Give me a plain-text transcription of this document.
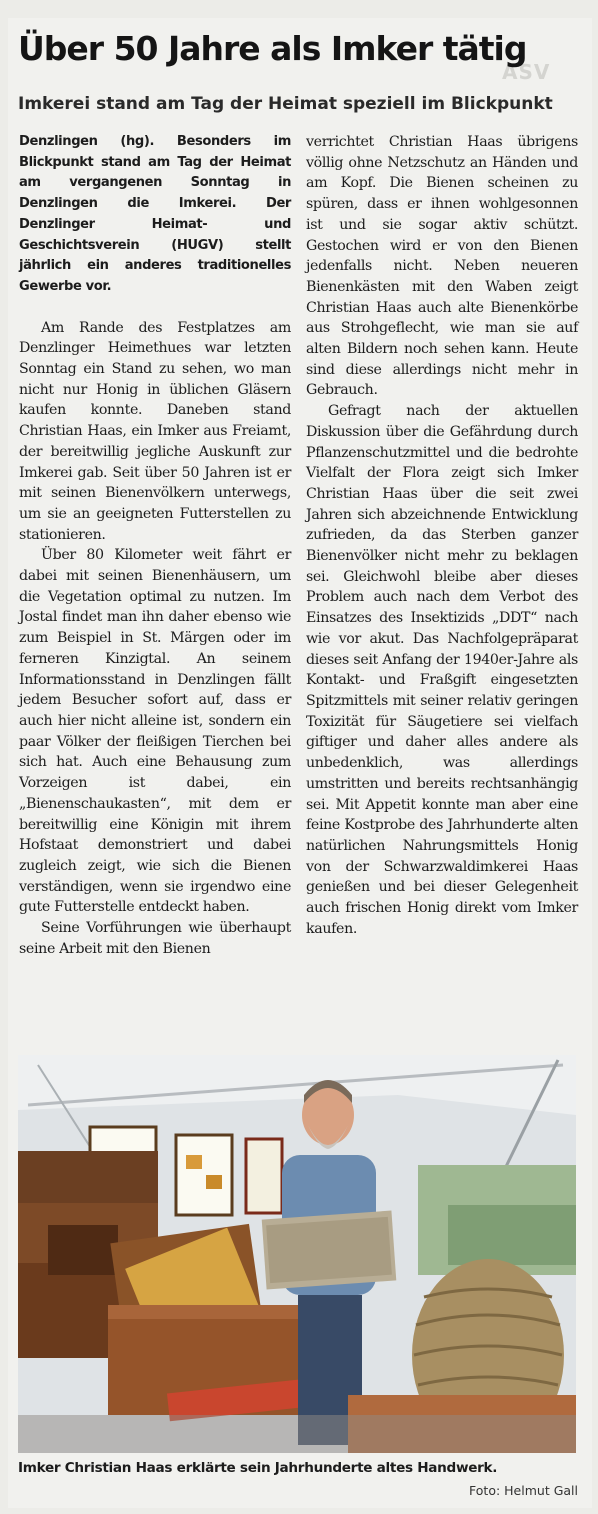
ASV
Über 50 Jahre als Imker tätig
Imkerei stand am Tag der Heimat speziell im Blickpunkt

Denzlingen (hg). Besonders im Blickpunkt stand am Tag der Heimat am vergangenen Sonntag in Denzlingen die Imkerei. Der Denzlinger Heimat- und Geschichtsverein (HUGV) stellt jährlich ein anderes traditionelles Gewerbe vor.

Am Rande des Festplatzes am Denzlinger Heimethues war letzten Sonntag ein Stand zu sehen, wo man nicht nur Honig in üblichen Gläsern kaufen konnte. Daneben stand Christian Haas, ein Imker aus Freiamt, der bereitwillig jegliche Auskunft zur Imkerei gab. Seit über 50 Jahren ist er mit seinen Bienenvölkern unterwegs, um sie an geeigneten Futterstellen zu stationieren.

Über 80 Kilometer weit fährt er dabei mit seinen Bienenhäusern, um die Vegetation optimal zu nutzen. Im Jostal findet man ihn daher ebenso wie zum Beispiel in St. Märgen oder im ferneren Kinzigtal. An seinem Informationsstand in Denzlingen fällt jedem Besucher sofort auf, dass er auch hier nicht alleine ist, sondern ein paar Völker der fleißigen Tierchen bei sich hat. Auch eine Behausung zum Vorzeigen ist dabei, ein „Bienenschaukasten“, mit dem er bereitwillig eine Königin mit ihrem Hofstaat demonstriert und dabei zugleich zeigt, wie sich die Bienen verständigen, wenn sie irgendwo eine gute Futterstelle entdeckt haben.

Seine Vorführungen wie überhaupt seine Arbeit mit den Bienen

verrichtet Christian Haas übrigens völlig ohne Netzschutz an Händen und am Kopf. Die Bienen scheinen zu spüren, dass er ihnen wohlgesonnen ist und sie sogar aktiv schützt. Gestochen wird er von den Bienen jedenfalls nicht. Neben neueren Bienenkästen mit den Waben zeigt Christian Haas auch alte Bienenkörbe aus Strohgeflecht, wie man sie auf alten Bildern noch sehen kann. Heute sind diese allerdings nicht mehr in Gebrauch.

Gefragt nach der aktuellen Diskussion über die Gefährdung durch Pflanzenschutzmittel und die bedrohte Vielfalt der Flora zeigt sich Imker Christian Haas über die seit zwei Jahren sich abzeichnende Entwicklung zufrieden, da das Sterben ganzer Bienenvölker nicht mehr zu beklagen sei. Gleichwohl bleibe aber dieses Problem auch nach dem Verbot des Einsatzes des Insektizids „DDT“ nach wie vor akut. Das Nachfolgepräparat dieses seit Anfang der 1940er-Jahre als Kontakt- und Fraßgift eingesetzten Spitzmittels mit seiner relativ geringen Toxizität für Säugetiere sei vielfach giftiger und daher alles andere als unbedenklich, was allerdings umstritten und bereits rechtsanhängig sei. Mit Appetit konnte man aber eine feine Kostprobe des Jahrhunderte alten natürlichen Nahrungsmittels Honig von der Schwarzwaldimkerei Haas genießen und bei dieser Gelegenheit auch frischen Honig direkt vom Imker kaufen.

Imker Christian Haas erklärte sein Jahrhunderte altes Handwerk.
Foto: Helmut Gall
